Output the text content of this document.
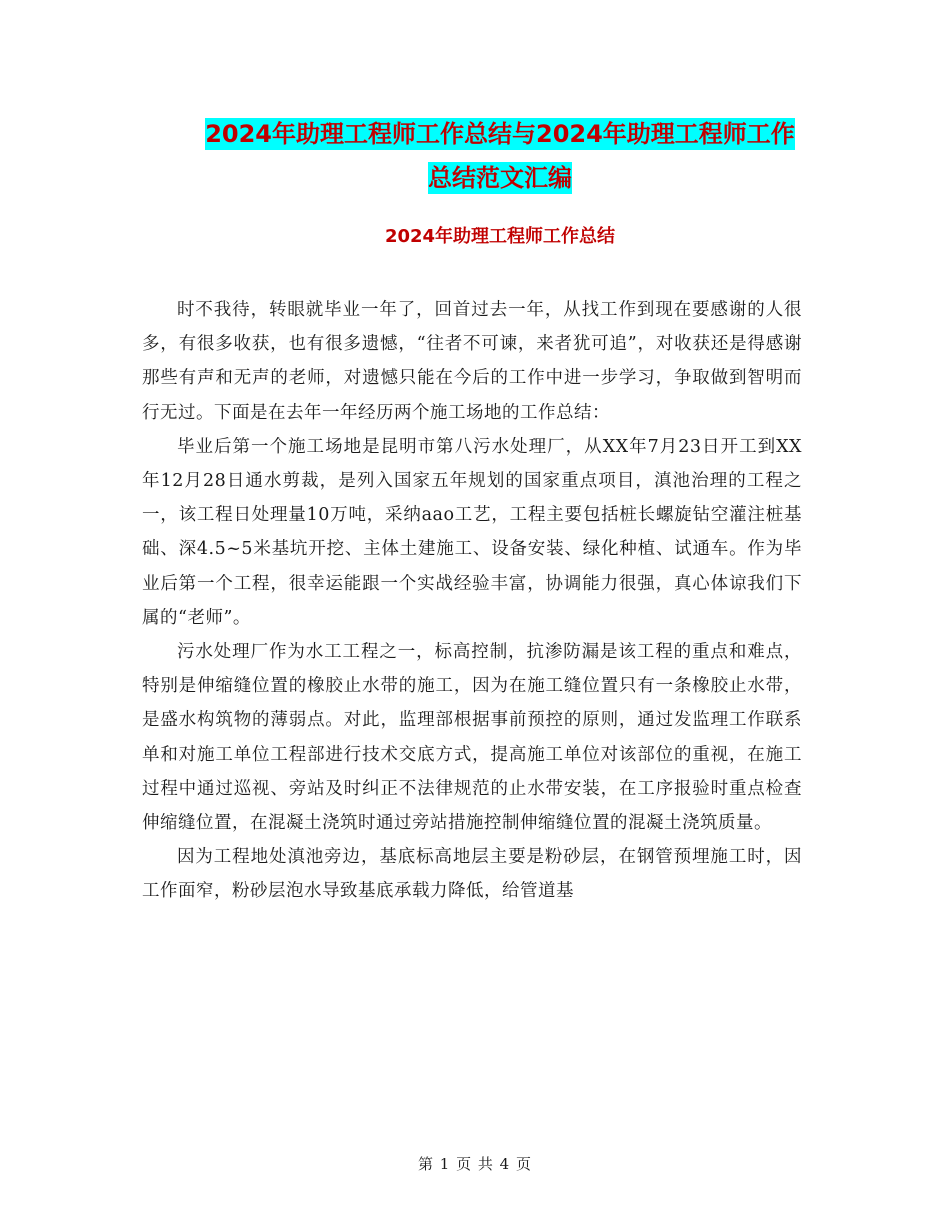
2024年助理工程师工作总结与2024年助理工程师工作
总结范文汇编
2024年助理工程师工作总结

时不我待，转眼就毕业一年了，回首过去一年，从找工作到现在要感谢的人很多，有很多收获，也有很多遗憾，“往者不可谏，来者犹可追”，对收获还是得感谢那些有声和无声的老师，对遗憾只能在今后的工作中进一步学习，争取做到智明而行无过。下面是在去年一年经历两个施工场地的工作总结：

毕业后第一个施工场地是昆明市第八污水处理厂，从XX年7月23日开工到XX年12月28日通水剪裁，是列入国家五年规划的国家重点项目，滇池治理的工程之一，该工程日处理量10万吨，采纳aao工艺，工程主要包括桩长螺旋钻空灌注桩基础、深4.5~5米基坑开挖、主体土建施工、设备安装、绿化种植、试通车。作为毕业后第一个工程，很幸运能跟一个实战经验丰富，协调能力很强，真心体谅我们下属的“老师”。

污水处理厂作为水工工程之一，标高控制，抗渗防漏是该工程的重点和难点，特别是伸缩缝位置的橡胶止水带的施工，因为在施工缝位置只有一条橡胶止水带，是盛水构筑物的薄弱点。对此，监理部根据事前预控的原则，通过发监理工作联系单和对施工单位工程部进行技术交底方式，提高施工单位对该部位的重视，在施工过程中通过巡视、旁站及时纠正不法律规范的止水带安装，在工序报验时重点检查伸缩缝位置，在混凝土浇筑时通过旁站措施控制伸缩缝位置的混凝土浇筑质量。

因为工程地处滇池旁边，基底标高地层主要是粉砂层，在钢管预埋施工时，因工作面窄，粉砂层泡水导致基底承载力降低，给管道基

第 1 页 共 4 页
